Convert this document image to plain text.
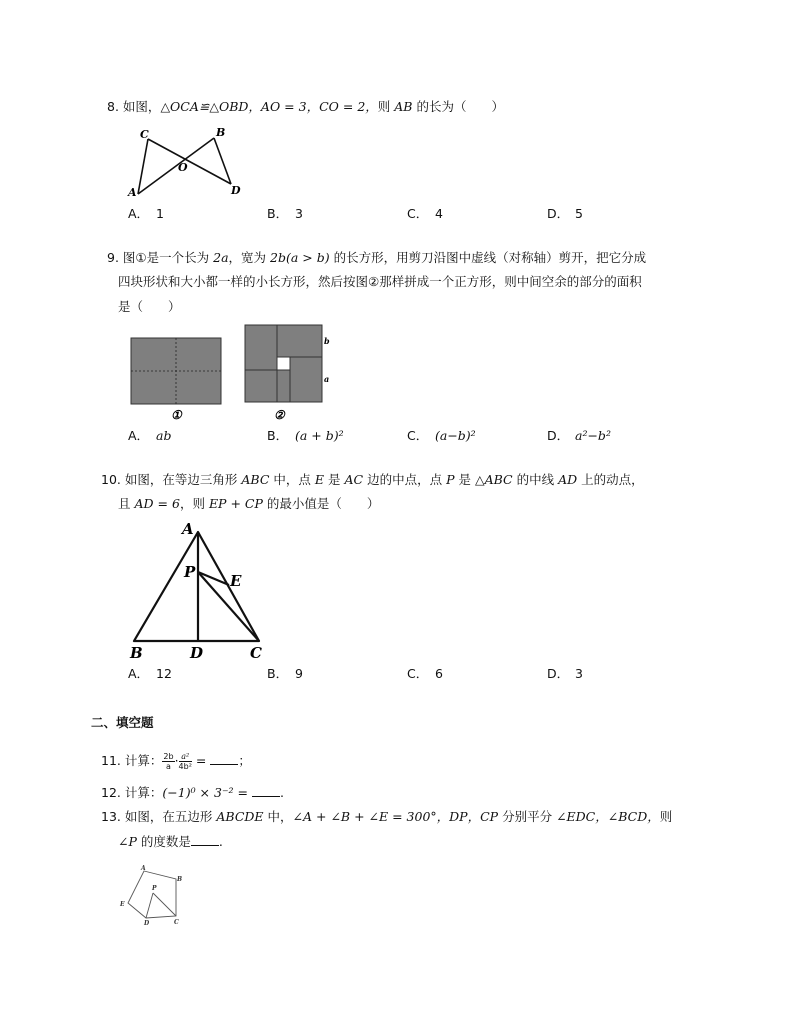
8. 如图，△OCA≌△OBD，AO = 3，CO = 2，则 AB 的长为（　　）
C	B
O
A	D
A． 1	B． 3	C． 4	D． 5
9. 图①是一个长为 2a，宽为 2b(a > b) 的长方形，用剪刀沿图中虚线（对称轴）剪开，把它分成
四块形状和大小都一样的小长方形，然后按图②那样拼成一个正方形，则中间空余的部分的面积
是（　　）
①
b
a
②
A． ab	B． (a + b)²	C． (a−b)²	D． a²−b²
10. 如图，在等边三角形 ABC 中，点 E 是 AC 边的中点，点 P 是 △ABC 的中线 AD 上的动点，
且 AD = 6，则 EP + CP 的最小值是（　　）
A
P E
B	D	C
A． 12	B． 9	C． 6	D． 3
二、填空题
11. 计算： $\frac{2b}{a} \cdot \frac{\text{a²}}{\text{4b²}}$ = ；
12. 计算：(−1)⁰ × 3⁻² = .
13. 如图，在五边形 ABCDE 中，∠A + ∠B + ∠E = 300°，DP，CP 分别平分 ∠EDC，∠BCD，则
∠P 的度数是 .
A
B
E
P
D	C
